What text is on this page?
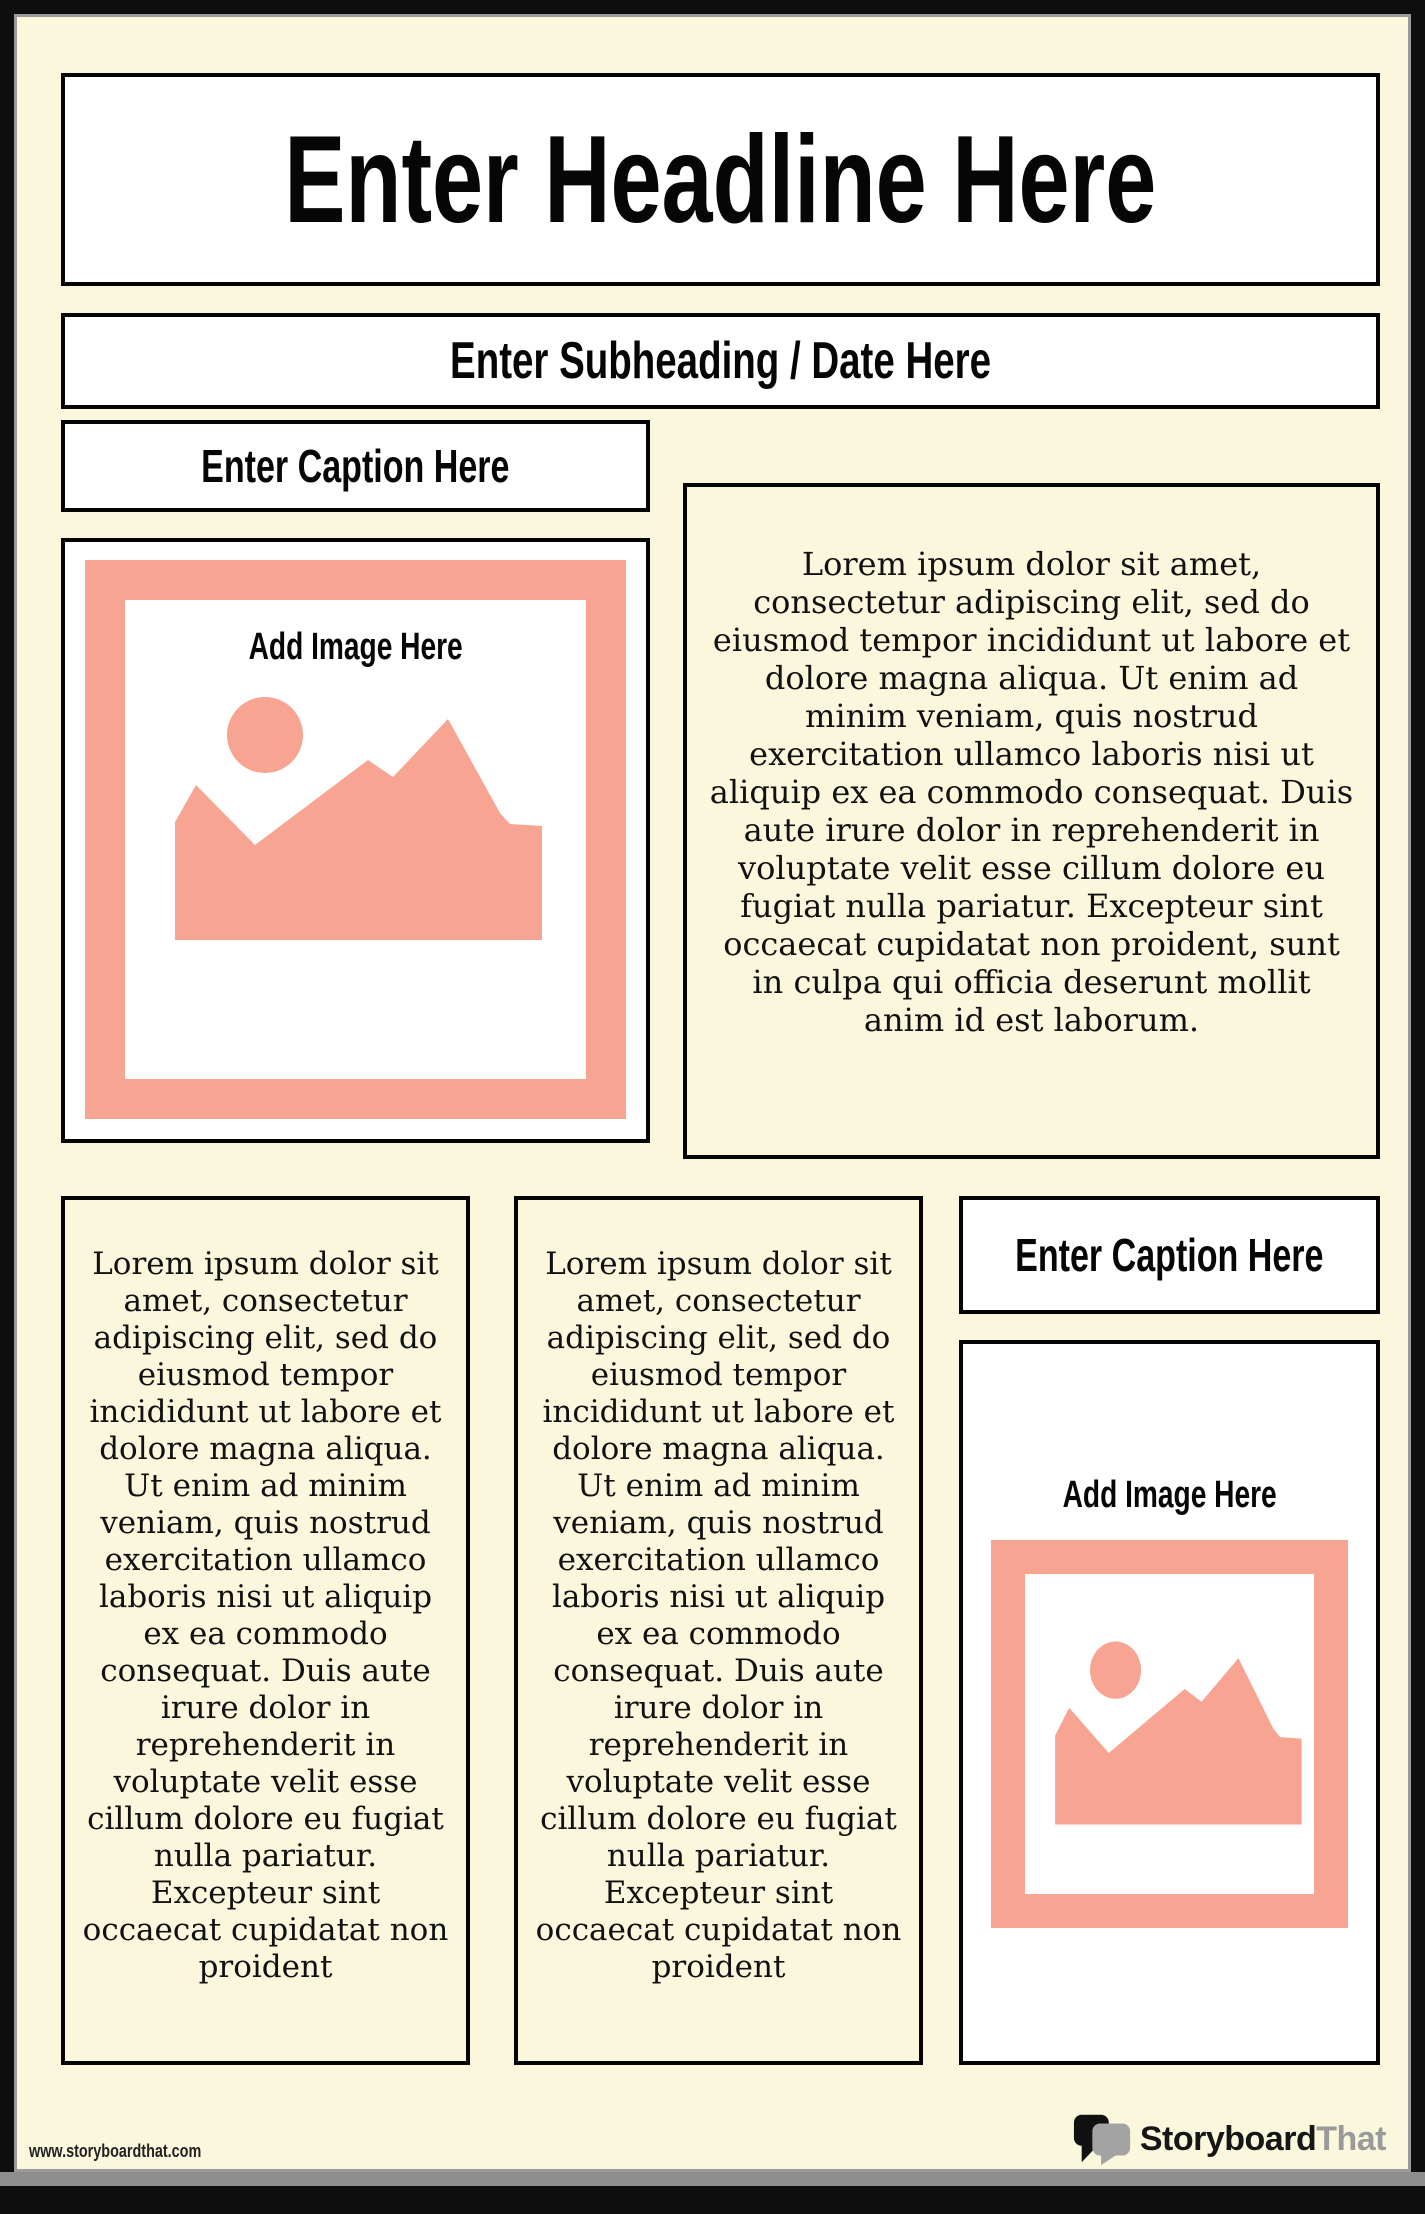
Enter Headline Here
Enter Subheading / Date Here
Enter Caption Here
Add Image Here
Lorem ipsum dolor sit amet, consectetur adipiscing elit, sed do eiusmod tempor incididunt ut labore et dolore magna aliqua. Ut enim ad minim veniam, quis nostrud exercitation ullamco laboris nisi ut aliquip ex ea commodo consequat. Duis aute irure dolor in reprehenderit in voluptate velit esse cillum dolore eu fugiat nulla pariatur. Excepteur sint occaecat cupidatat non proident, sunt in culpa qui officia deserunt mollit anim id est laborum.
Lorem ipsum dolor sit amet, consectetur adipiscing elit, sed do eiusmod tempor incididunt ut labore et dolore magna aliqua. Ut enim ad minim veniam, quis nostrud exercitation ullamco laboris nisi ut aliquip ex ea commodo consequat. Duis aute irure dolor in reprehenderit in voluptate velit esse cillum dolore eu fugiat nulla pariatur. Excepteur sint occaecat cupidatat non proident
Lorem ipsum dolor sit amet, consectetur adipiscing elit, sed do eiusmod tempor incididunt ut labore et dolore magna aliqua. Ut enim ad minim veniam, quis nostrud exercitation ullamco laboris nisi ut aliquip ex ea commodo consequat. Duis aute irure dolor in reprehenderit in voluptate velit esse cillum dolore eu fugiat nulla pariatur. Excepteur sint occaecat cupidatat non proident
Enter Caption Here
Add Image Here
www.storyboardthat.com	StoryboardThat
